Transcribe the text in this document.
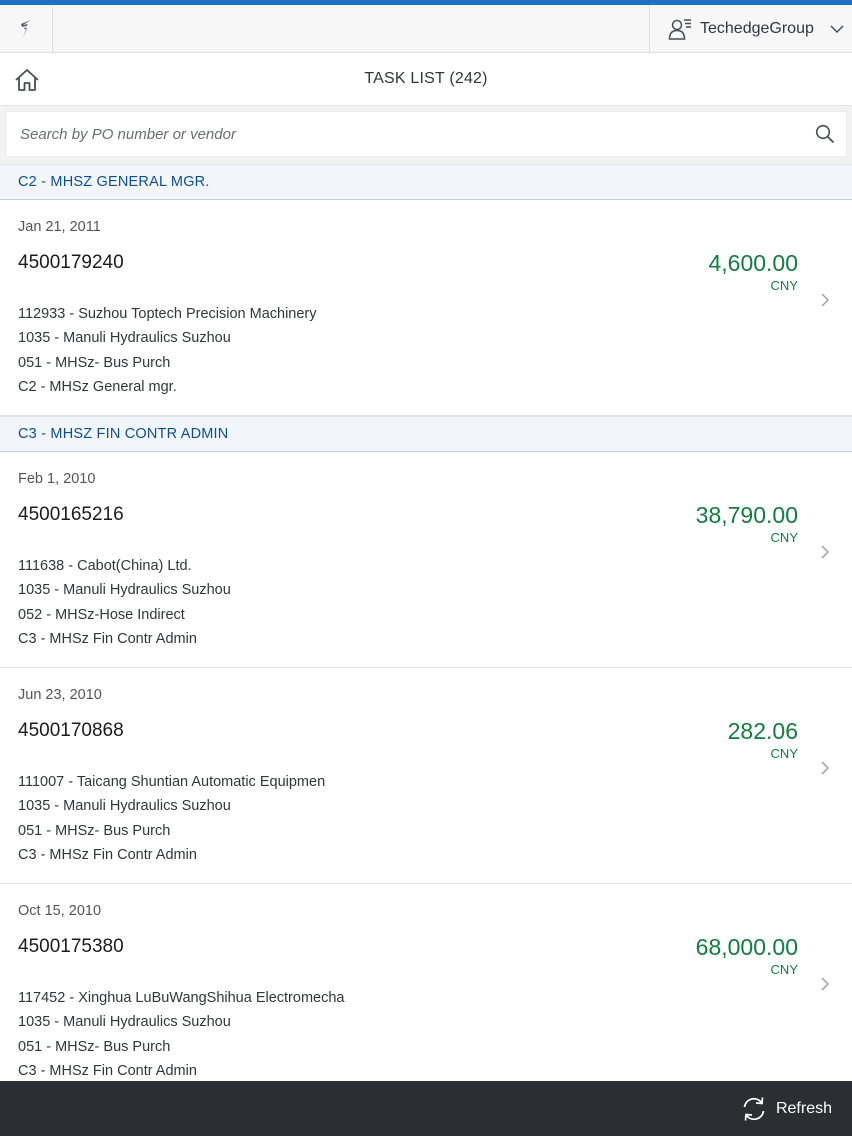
TechedgeGroup
TASK LIST (242)
Search by PO number or vendor
C2 - MHSZ GENERAL MGR.
Jan 21, 2011
4500179240	4,600.00
CNY
112933 - Suzhou Toptech Precision Machinery
1035 - Manuli Hydraulics Suzhou
051 - MHSz- Bus Purch
C2 - MHSz General mgr.
C3 - MHSZ FIN CONTR ADMIN
Feb 1, 2010
4500165216	38,790.00
CNY
111638 - Cabot(China) Ltd.
1035 - Manuli Hydraulics Suzhou
052 - MHSz-Hose Indirect
C3 - MHSz Fin Contr Admin
Jun 23, 2010
4500170868	282.06
CNY
111007 - Taicang Shuntian Automatic Equipmen
1035 - Manuli Hydraulics Suzhou
051 - MHSz- Bus Purch
C3 - MHSz Fin Contr Admin
Oct 15, 2010
4500175380	68,000.00
CNY
117452 - Xinghua LuBuWangShihua Electromecha
1035 - Manuli Hydraulics Suzhou
051 - MHSz- Bus Purch
C3 - MHSz Fin Contr Admin
Refresh
